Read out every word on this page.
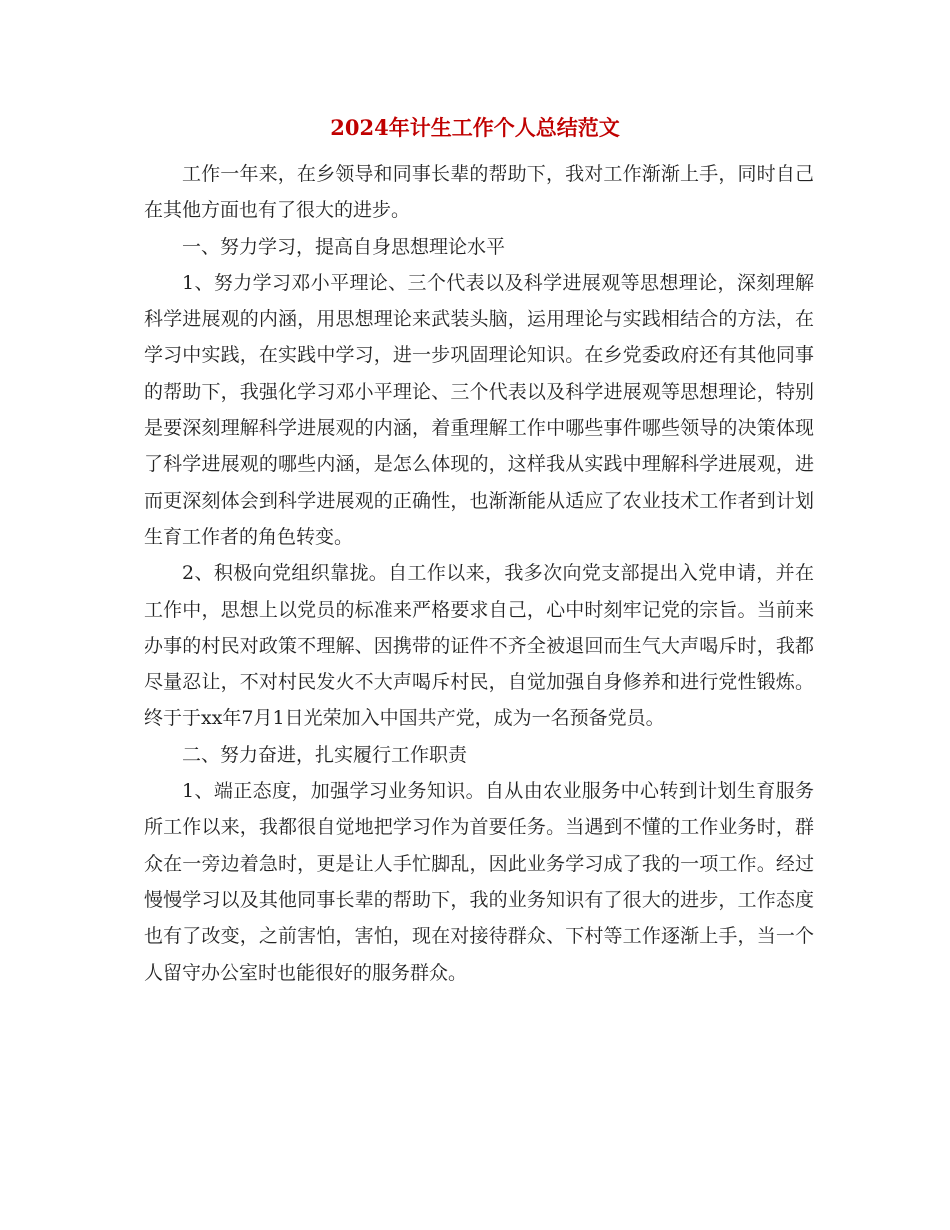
2024年计生工作个人总结范文

工作一年来，在乡领导和同事长辈的帮助下，我对工作渐渐上手，同时自己在其他方面也有了很大的进步。

一、努力学习，提高自身思想理论水平

1、努力学习邓小平理论、三个代表以及科学进展观等思想理论，深刻理解科学进展观的内涵，用思想理论来武装头脑，运用理论与实践相结合的方法，在学习中实践，在实践中学习，进一步巩固理论知识。在乡党委政府还有其他同事的帮助下，我强化学习邓小平理论、三个代表以及科学进展观等思想理论，特别是要深刻理解科学进展观的内涵，着重理解工作中哪些事件哪些领导的决策体现了科学进展观的哪些内涵，是怎么体现的，这样我从实践中理解科学进展观，进而更深刻体会到科学进展观的正确性，也渐渐能从适应了农业技术工作者到计划生育工作者的角色转变。

2、积极向党组织靠拢。自工作以来，我多次向党支部提出入党申请，并在工作中，思想上以党员的标准来严格要求自己，心中时刻牢记党的宗旨。当前来办事的村民对政策不理解、因携带的证件不齐全被退回而生气大声喝斥时，我都尽量忍让，不对村民发火不大声喝斥村民，自觉加强自身修养和进行党性锻炼。终于于xx年7月1日光荣加入中国共产党，成为一名预备党员。

二、努力奋进，扎实履行工作职责

1、端正态度，加强学习业务知识。自从由农业服务中心转到计划生育服务所工作以来，我都很自觉地把学习作为首要任务。当遇到不懂的工作业务时，群众在一旁边着急时，更是让人手忙脚乱，因此业务学习成了我的一项工作。经过慢慢学习以及其他同事长辈的帮助下，我的业务知识有了很大的进步，工作态度也有了改变，之前害怕，害怕，现在对接待群众、下村等工作逐渐上手，当一个人留守办公室时也能很好的服务群众。
